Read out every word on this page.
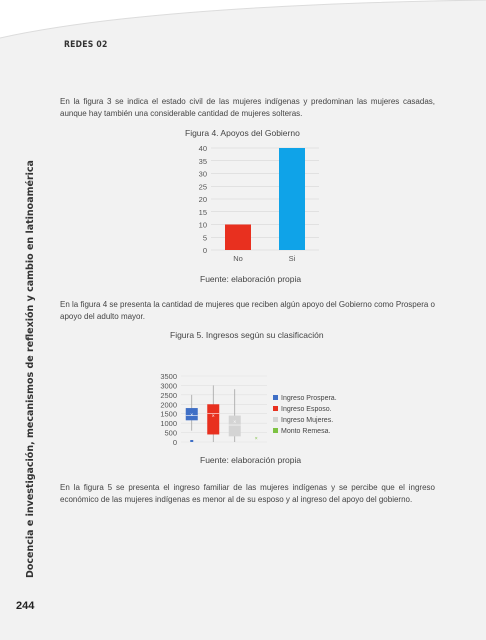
REDES 02
Docencia e investigación, mecanismos de reflexión y cambio en latinoamérica
En la figura 3 se indica el estado civil de las mujeres indígenas y predominan las mujeres casadas, aunque hay también una considerable cantidad de mujeres solteras.
Figura 4. Apoyos del Gobierno
0
5
10
15
20
25
30
35
40
No	Si
Fuente: elaboración propia
En la figura 4 se presenta la cantidad de mujeres que reciben algún apoyo del Gobierno como Prospera o apoyo del adulto mayor.
Figura 5. Ingresos según su clasificación
0
500
1000
1500
2000
2500
3000
3500
×	×
×
×
Ingreso Prospera.
Ingreso Esposo.
Ingreso Mujeres.
Monto Remesa.
Fuente: elaboración propia
En la figura 5 se presenta el ingreso familiar de las mujeres indígenas y se percibe que el ingreso económico de las mujeres indígenas es menor al de su esposo y al ingreso del apoyo del gobierno.
244
